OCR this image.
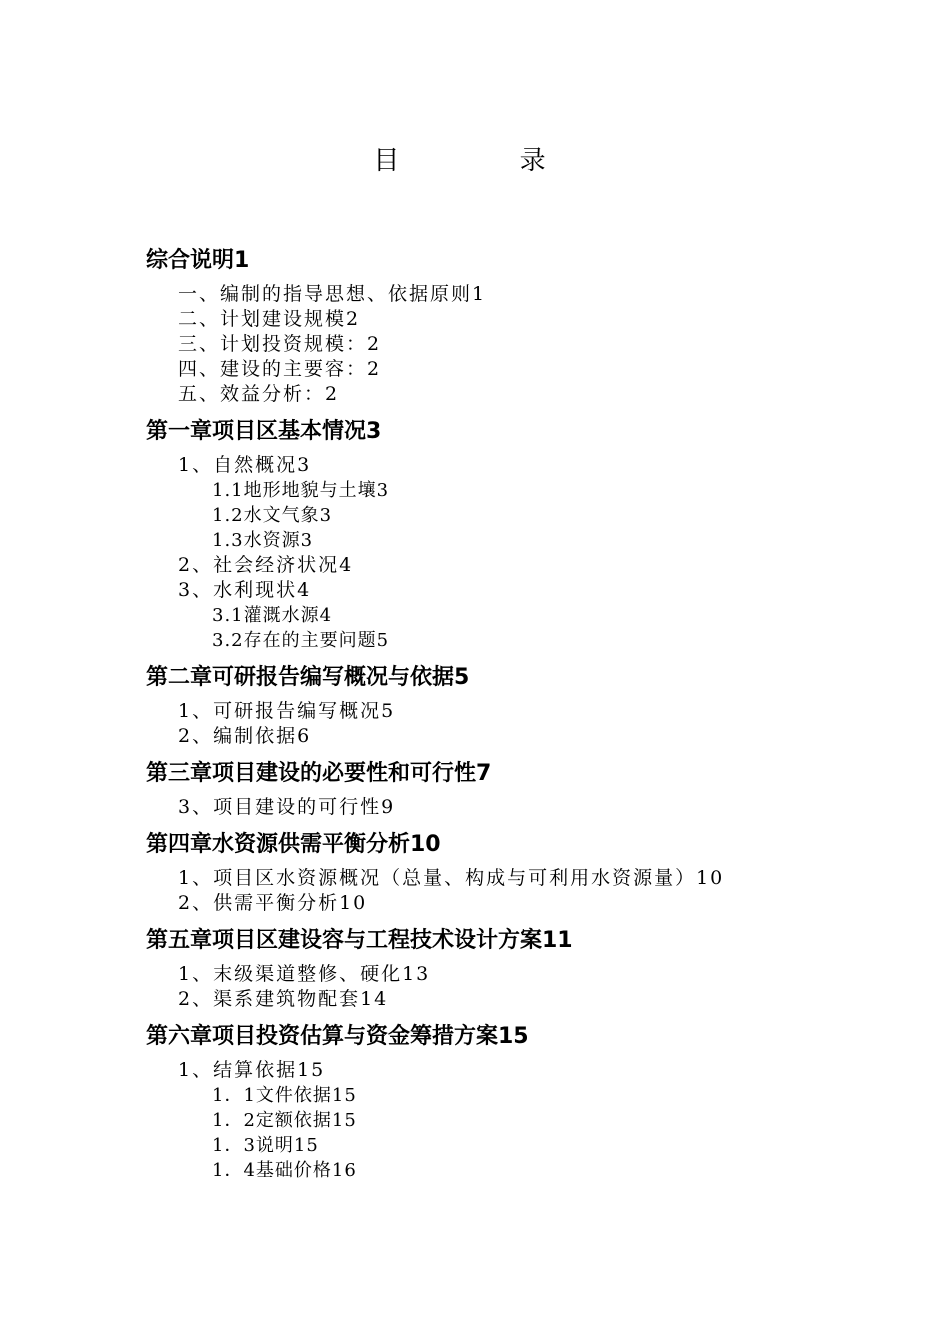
目 录
综合说明1
一、编制的指导思想、依据原则1
二、计划建设规模2
三、计划投资规模：2
四、建设的主要容：2
五、效益分析：2
第一章项目区基本情况3
1、自然概况3
1.1地形地貌与土壤3
1.2水文气象3
1.3水资源3
2、社会经济状况4
3、水利现状4
3.1灌溉水源4
3.2存在的主要问题5
第二章可研报告编写概况与依据5
1、可研报告编写概况5
2、编制依据6
第三章项目建设的必要性和可行性7
3、项目建设的可行性9
第四章水资源供需平衡分析10
1、项目区水资源概况（总量、构成与可利用水资源量）10
2、供需平衡分析10
第五章项目区建设容与工程技术设计方案11
1、末级渠道整修、硬化13
2、渠系建筑物配套14
第六章项目投资估算与资金筹措方案15
1、结算依据15
1．1文件依据15
1．2定额依据15
1．3说明15
1．4基础价格16
